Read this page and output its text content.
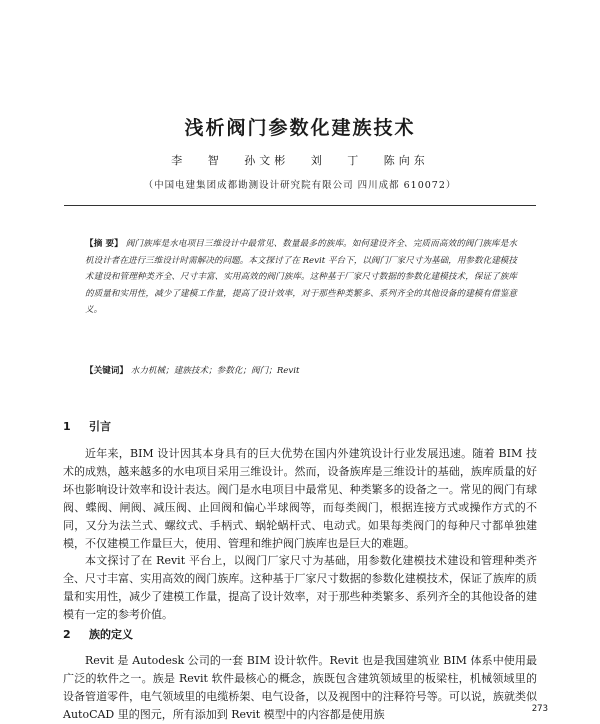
浅析阀门参数化建族技术
李 智 孙文彬 刘 丁 陈向东
（中国电建集团成都勘测设计研究院有限公司 四川成都 610072）

【摘 要】 阀门族库是水电项目三维设计中最常见、数量最多的族库。如何建设齐全、完质而高效的阀门族库是水机设计者在进行三维设计时需解决的问题。本文探讨了在 Revit 平台下，以阀门厂家尺寸为基础，用参数化建模技术建设和管理种类齐全、尺寸丰富、实用高效的阀门族库。这种基于厂家尺寸数据的参数化建模技术，保证了族库的质量和实用性，减少了建模工作量，提高了设计效率，对于那些种类繁多、系列齐全的其他设备的建模有借鉴意义。

【关键词】 水力机械；建族技术；参数化；阀门；Revit

1 引言

近年来，BIM 设计因其本身具有的巨大优势在国内外建筑设计行业发展迅速。随着 BIM 技术的成熟，越来越多的水电项目采用三维设计。然而，设备族库是三维设计的基础，族库质量的好坏也影响设计效率和设计表达。阀门是水电项目中最常见、种类繁多的设备之一。常见的阀门有球阀、蝶阀、闸阀、减压阀、止回阀和偏心半球阀等，而每类阀门，根据连接方式或操作方式的不同，又分为法兰式、螺纹式、手柄式、蜗轮蜗杆式、电动式。如果每类阀门的每种尺寸都单独建模，不仅建模工作量巨大，使用、管理和维护阀门族库也是巨大的难题。

本文探讨了在 Revit 平台上，以阀门厂家尺寸为基础，用参数化建模技术建设和管理种类齐全、尺寸丰富、实用高效的阀门族库。这种基于厂家尺寸数据的参数化建模技术，保证了族库的质量和实用性，减少了建模工作量，提高了设计效率，对于那些种类繁多、系列齐全的其他设备的建模有一定的参考价值。

2 族的定义

Revit 是 Autodesk 公司的一套 BIM 设计软件。Revit 也是我国建筑业 BIM 体系中使用最广泛的软件之一。族是 Revit 软件最核心的概念，族既包含建筑领域里的板梁柱，机械领域里的设备管道零件，电气领域里的电缆桥架、电气设备，以及视图中的注释符号等。可以说，族就类似 AutoCAD 里的图元，所有添加到 Revit 模型中的内容都是使用族	273
